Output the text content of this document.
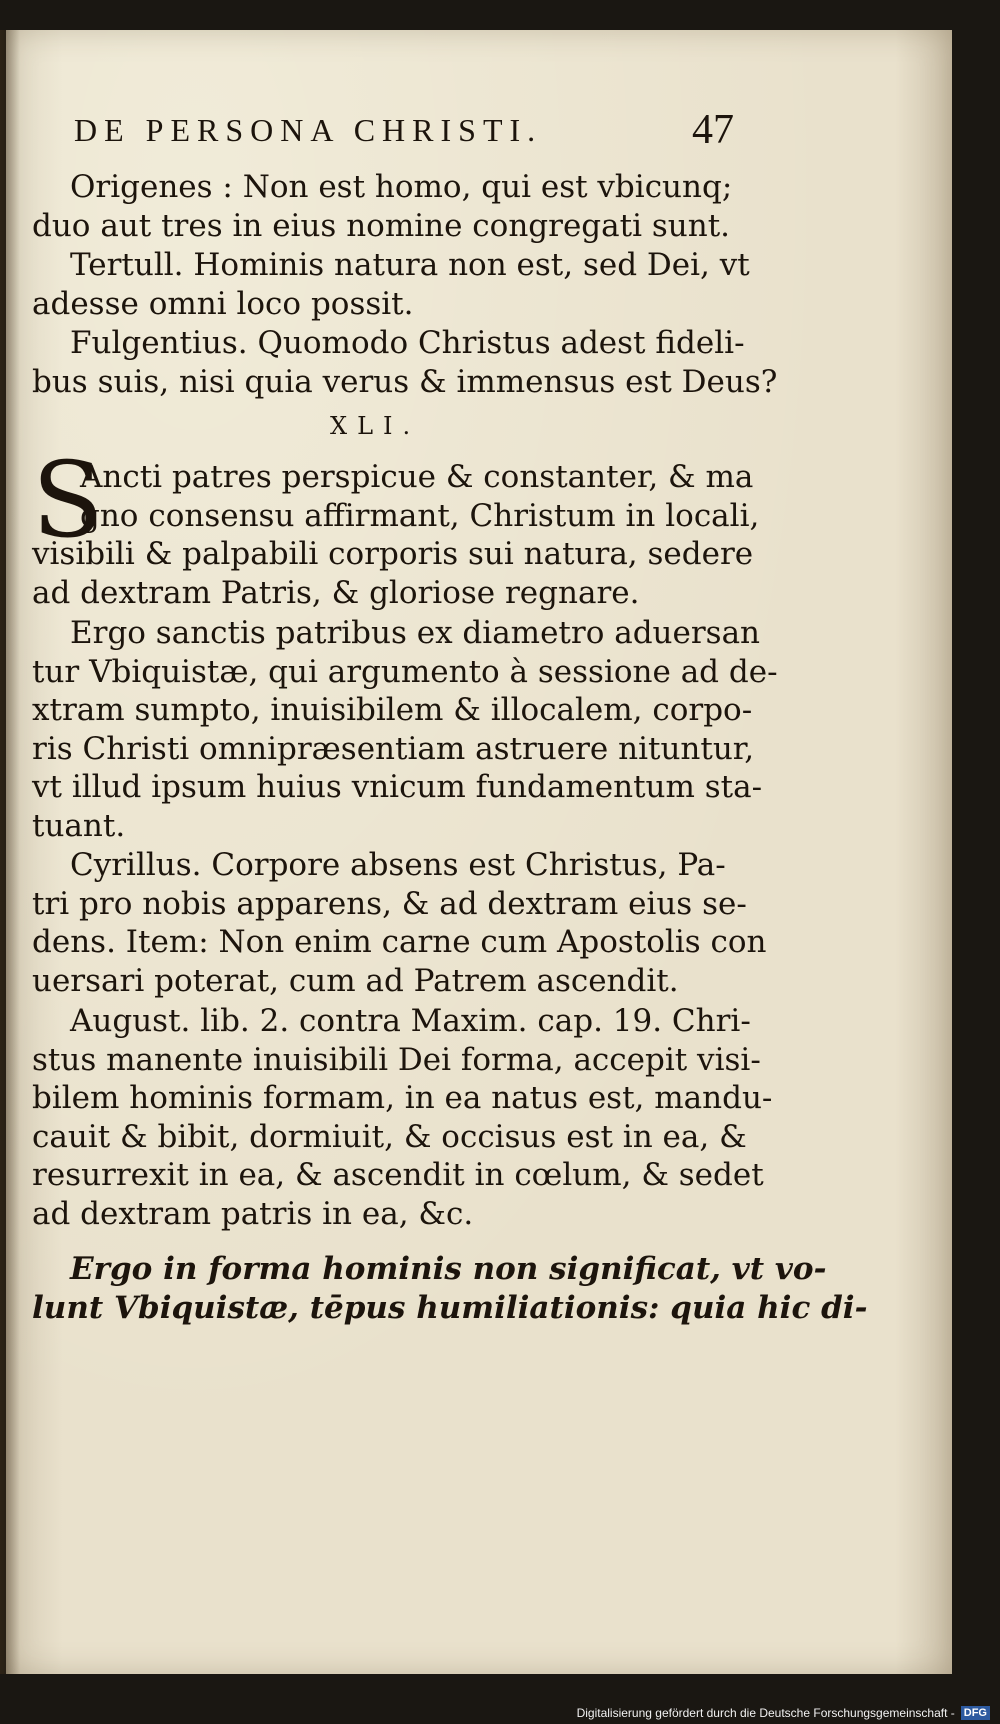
DE PERSONA CHRISTI.	47
Origenes : Non est homo, qui est vbicunq;
duo aut tres in eius nomine congregati sunt.
Tertull. Hominis natura non est, sed Dei, vt
adesse omni loco possit.
Fulgentius. Quomodo Christus adest fideli-
bus suis, nisi quia verus & immensus est Deus?
XLI.
S
Ancti patres perspicue & constanter, & ma
gno consensu affirmant, Christum in locali,
visibili & palpabili corporis sui natura, sedere
ad dextram Patris, & gloriose regnare.
Ergo sanctis patribus ex diametro aduersan
tur Vbiquistæ, qui argumento à sessione ad de-
xtram sumpto, inuisibilem & illocalem, corpo-
ris Christi omnipræsentiam astruere nituntur,
vt illud ipsum huius vnicum fundamentum sta-
tuant.
Cyrillus. Corpore absens est Christus, Pa-
tri pro nobis apparens, & ad dextram eius se-
dens. Item: Non enim carne cum Apostolis con
uersari poterat, cum ad Patrem ascendit.
August. lib. 2. contra Maxim. cap. 19. Chri-
stus manente inuisibili Dei forma, accepit visi-
bilem hominis formam, in ea natus est, mandu-
cauit & bibit, dormiuit, & occisus est in ea, &
resurrexit in ea, & ascendit in cœlum, & sedet
ad dextram patris in ea, &c.
Ergo in forma hominis non significat, vt vo-
lunt Vbiquistæ, tēpus humiliationis: quia hic di-
Digitalisierung gefördert durch die Deutsche Forschungsgemeinschaft - DFG
